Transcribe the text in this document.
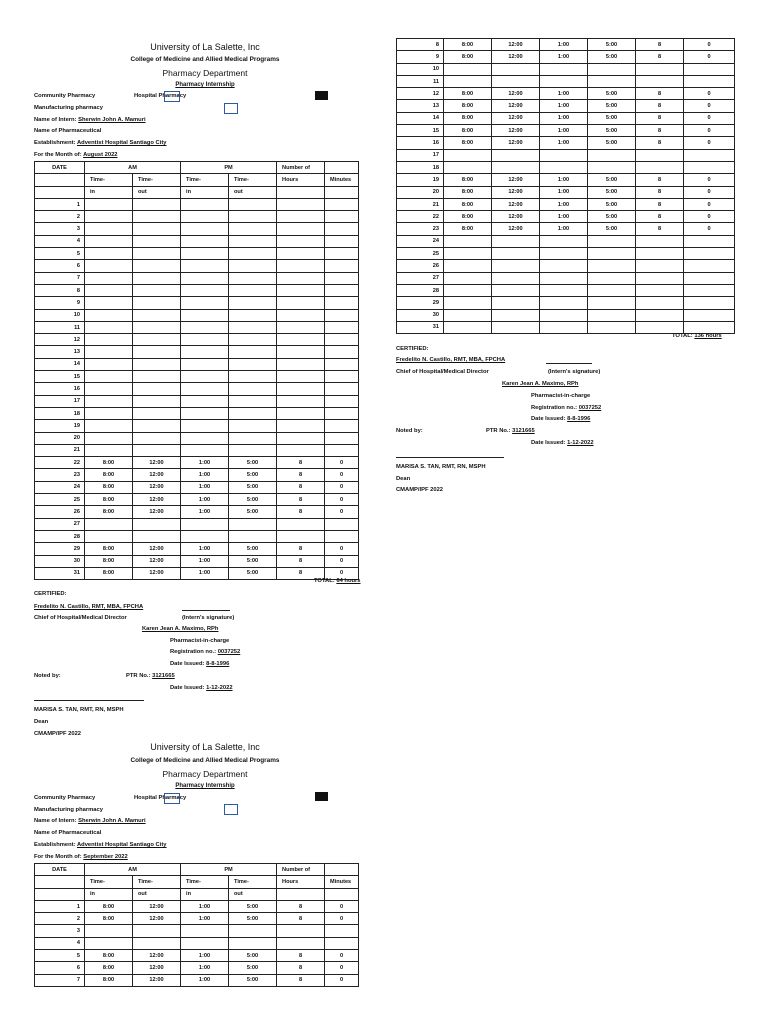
University of La Salette, Inc
College of Medicine and Allied Medical Programs
Pharmacy Department
Pharmacy Internship
Community Pharmacy	Hospital Pharmacy
Manufacturing pharmacy
Name of Intern: Sherwin John A. Mamuri
Name of Pharmaceutical
Establishment: Adventist Hospital Santiago City
For the Month of: August 2022
DATE	AM		PM		Number of	
	Time-	Time-	Time-	Time-	Hours	Minutes
	in	out	in	out		
1						
2						
3						
4						
5						
6						
7						
8						
9						
10						
11						
12						
13						
14						
15						
16						
17						
18						
19						
20						
21						
22	8:00	12:00	1:00	5:00	8	0
23	8:00	12:00	1:00	5:00	8	0
24	8:00	12:00	1:00	5:00	8	0
25	8:00	12:00	1:00	5:00	8	0
26	8:00	12:00	1:00	5:00	8	0
27						
28						
29	8:00	12:00	1:00	5:00	8	0
30	8:00	12:00	1:00	5:00	8	0
31	8:00	12:00	1:00	5:00	8	0
TOTAL: 64 hours
CERTIFIED:
Fredelito N. Castillo, RMT, MBA, FPCHA
Chief of Hospital/Medical Director	(Intern's signature)
Karen Jean A. Maximo, RPh
Pharmacist-in-charge
Registration no.: 0037252
Date Issued: 8-8-1996
Noted by:	PTR No.: 3121665
Date Issued: 1-12-2022
MARISA S. TAN, RMT, RN, MSPH
Dean
CMAMP/IPF 2022
University of La Salette, Inc
College of Medicine and Allied Medical Programs
Pharmacy Department
Pharmacy Internship
Community Pharmacy	Hospital Pharmacy
Manufacturing pharmacy
Name of Intern: Sherwin John A. Mamuri
Name of Pharmaceutical
Establishment: Adventist Hospital Santiago City
For the Month of: September 2022
DATE	AM		PM		Number of	
	Time-	Time-	Time-	Time-	Hours	Minutes
	in	out	in	out		
1	8:00	12:00	1:00	5:00	8	0
2	8:00	12:00	1:00	5:00	8	0
3						
4						
5	8:00	12:00	1:00	5:00	8	0
6	8:00	12:00	1:00	5:00	8	0
7	8:00	12:00	1:00	5:00	8	0
8	8:00	12:00	1:00	5:00	8	0
9	8:00	12:00	1:00	5:00	8	0
10						
11						
12	8:00	12:00	1:00	5:00	8	0
13	8:00	12:00	1:00	5:00	8	0
14	8:00	12:00	1:00	5:00	8	0
15	8:00	12:00	1:00	5:00	8	0
16	8:00	12:00	1:00	5:00	8	0
17						
18						
19	8:00	12:00	1:00	5:00	8	0
20	8:00	12:00	1:00	5:00	8	0
21	8:00	12:00	1:00	5:00	8	0
22	8:00	12:00	1:00	5:00	8	0
23	8:00	12:00	1:00	5:00	8	0
24						
25						
26						
27						
28						
29						
30						
31						
TOTAL: 136 hours
CERTIFIED:
Fredelito N. Castillo, RMT, MBA, FPCHA
Chief of Hospital/Medical Director	(Intern's signature)
Karen Jean A. Maximo, RPh
Pharmacist-in-charge
Registration no.: 0037252
Date Issued: 8-8-1996
Noted by:	PTR No.: 3121665
Date Issued: 1-12-2022
MARISA S. TAN, RMT, RN, MSPH
Dean
CMAMP/IPF 2022
